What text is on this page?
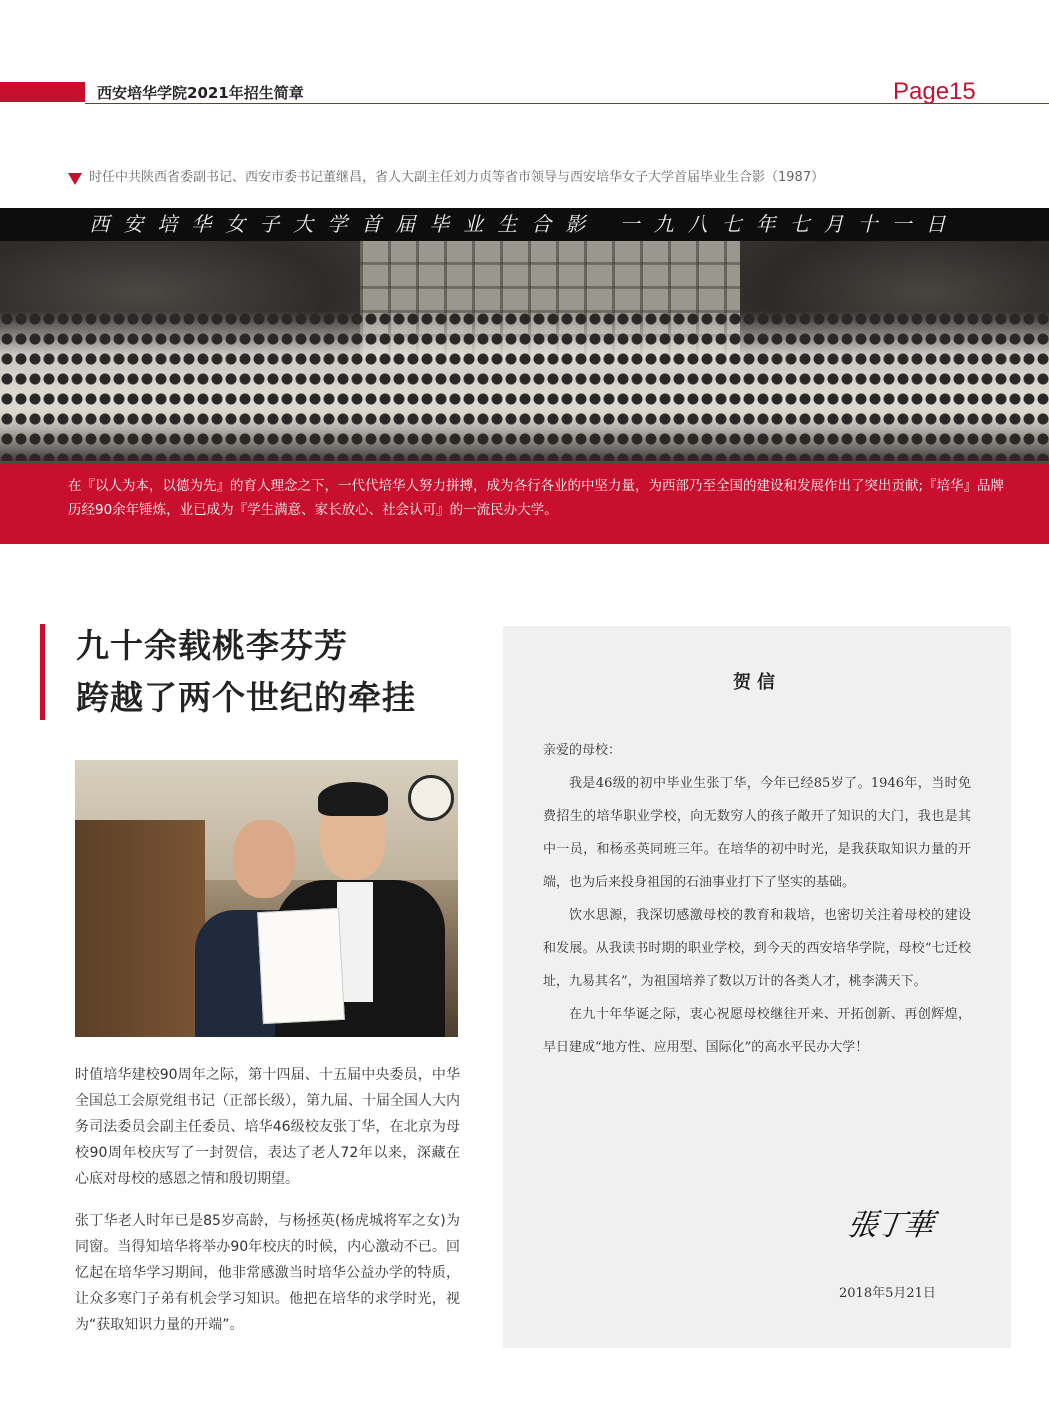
西安培华学院2021年招生简章	Page15
时任中共陕西省委副书记、西安市委书记董继昌，省人大副主任刘力贞等省市领导与西安培华女子大学首届毕业生合影（1987）
西安培华女子大学首届毕业生合影 一九八七年七月十一日
在『以人为本，以德为先』的育人理念之下，一代代培华人努力拼搏，成为各行各业的中坚力量，为西部乃至全国的建设和发展作出了突出贡献;『培华』品牌历经90余年锤炼，业已成为『学生满意、家长放心、社会认可』的一流民办大学。
九十余载桃李芬芳
跨越了两个世纪的牵挂
时值培华建校90周年之际，第十四届、十五届中央委员，中华全国总工会原党组书记（正部长级），第九届、十届全国人大内务司法委员会副主任委员、培华46级校友张丁华，在北京为母校90周年校庆写了一封贺信，表达了老人72年以来，深藏在心底对母校的感恩之情和殷切期望。
张丁华老人时年已是85岁高龄，与杨拯英(杨虎城将军之女)为同窗。当得知培华将举办90年校庆的时候，内心激动不已。回忆起在培华学习期间，他非常感激当时培华公益办学的特质，让众多寒门子弟有机会学习知识。他把在培华的求学时光，视为“获取知识力量的开端”。
贺信
亲爱的母校：

我是46级的初中毕业生张丁华，今年已经85岁了。1946年，当时免费招生的培华职业学校，向无数穷人的孩子敞开了知识的大门，我也是其中一员，和杨丞英同班三年。在培华的初中时光，是我获取知识力量的开端，也为后来投身祖国的石油事业打下了坚实的基础。

饮水思源，我深切感激母校的教育和栽培，也密切关注着母校的建设和发展。从我读书时期的职业学校，到今天的西安培华学院，母校“七迁校址，九易其名”，为祖国培养了数以万计的各类人才，桃李满天下。

在九十年华诞之际，衷心祝愿母校继往开来、开拓创新、再创辉煌，早日建成“地方性、应用型、国际化”的高水平民办大学！

張丁華
2018年5月21日
